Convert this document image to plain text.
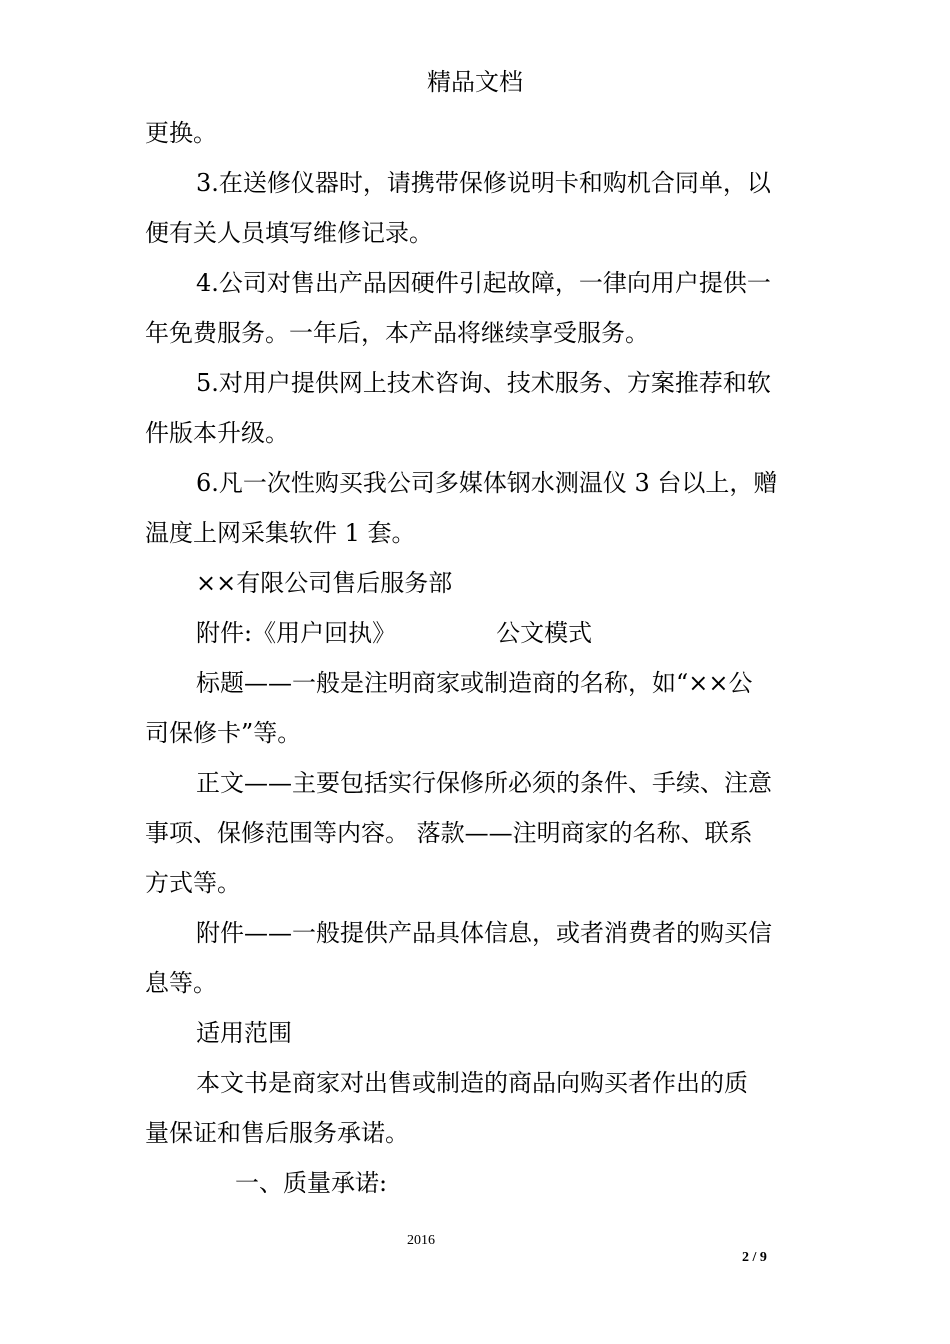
精品文档
更换。
3.在送修仪器时，请携带保修说明卡和购机合同单，以
便有关人员填写维修记录。
4.公司对售出产品因硬件引起故障，一律向用户提供一
年免费服务。一年后，本产品将继续享受服务。
5.对用户提供网上技术咨询、技术服务、方案推荐和软
件版本升级。
6.凡一次性购买我公司多媒体钢水测温仪 3 台以上，赠
温度上网采集软件 1 套。
××有限公司售后服务部
附件:《用户回执》	公文模式
标题——一般是注明商家或制造商的名称，如“××公
司保修卡”等。
正文——主要包括实行保修所必须的条件、手续、注意
事项、保修范围等内容。 落款——注明商家的名称、联系
方式等。
附件——一般提供产品具体信息，或者消费者的购买信
息等。
适用范围
本文书是商家对出售或制造的商品向购买者作出的质
量保证和售后服务承诺。
一、质量承诺:
2016
2 / 9
